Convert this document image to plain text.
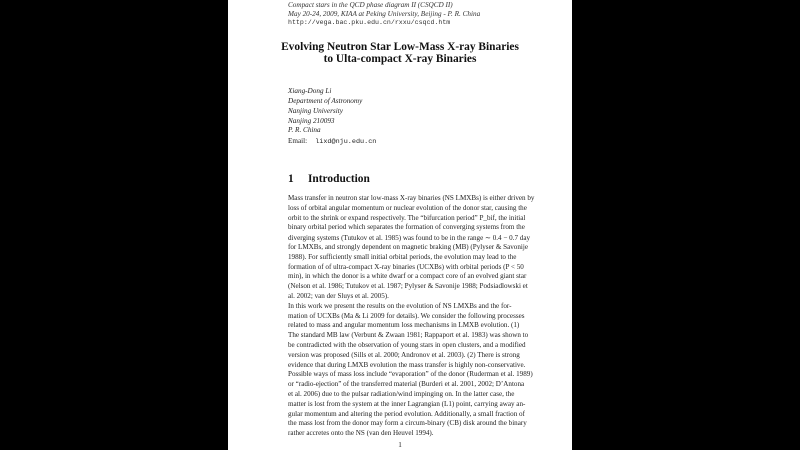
Compact stars in the QCD phase diagram II (CSQCD II)
May 20-24, 2009, KIAA at Peking University, Beijing - P. R. China
http://vega.bac.pku.edu.cn/rxxu/csqcd.htm
Evolving Neutron Star Low-Mass X-ray Binaries
to Ulta-compact X-ray Binaries
Xiang-Dong Li
Department of Astronomy
Nanjing University
Nanjing 210093
P. R. China
Email: lixd@nju.edu.cn
1 Introduction
Mass transfer in neutron star low-mass X-ray binaries (NS LMXBs) is either driven by
loss of orbital angular momentum or nuclear evolution of the donor star, causing the
orbit to the shrink or expand respectively. The “bifurcation period” P_bif, the initial
binary orbital period which separates the formation of converging systems from the
diverging systems (Tutukov et al. 1985) was found to be in the range ∼ 0.4 − 0.7 day
for LMXBs, and strongly dependent on magnetic braking (MB) (Pylyser & Savonije
1988). For sufficiently small initial orbital periods, the evolution may lead to the
formation of of ultra-compact X-ray binaries (UCXBs) with orbital periods (P < 50
min), in which the donor is a white dwarf or a compact core of an evolved giant star
(Nelson et al. 1986; Tutukov et al. 1987; Pylyser & Savonije 1988; Podsiadlowski et
al. 2002; van der Sluys et al. 2005).
In this work we present the results on the evolution of NS LMXBs and the for-
mation of UCXBs (Ma & Li 2009 for details). We consider the following processes
related to mass and angular momentum loss mechanisms in LMXB evolution. (1)
The standard MB law (Verbunt & Zwaan 1981; Rappaport et al. 1983) was shown to
be contradicted with the observation of young stars in open clusters, and a modified
version was proposed (Sills et al. 2000; Andronov et al. 2003). (2) There is strong
evidence that during LMXB evolution the mass transfer is highly non-conservative.
Possible ways of mass loss include “evaporation” of the donor (Ruderman et al. 1989)
or “radio-ejection” of the transferred material (Burderi et al. 2001, 2002; D’Antona
et al. 2006) due to the pulsar radiation/wind impinging on. In the latter case, the
matter is lost from the system at the inner Lagrangian (L1) point, carrying away an-
gular momentum and altering the period evolution. Additionally, a small fraction of
the mass lost from the donor may form a circum-binary (CB) disk around the binary
rather accretes onto the NS (van den Heuvel 1994).
1
